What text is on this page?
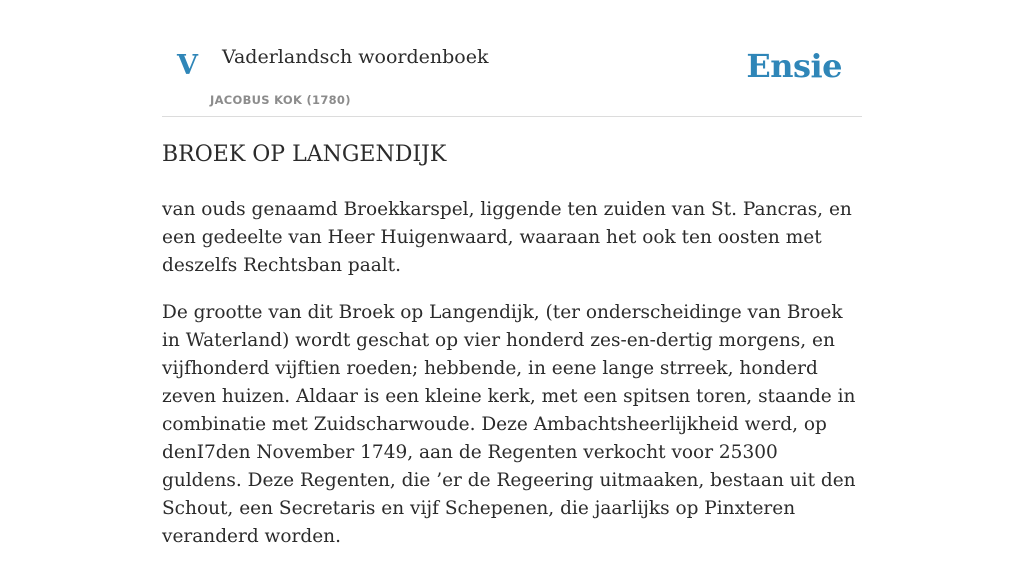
V Vaderlandsch woordenboek
JACOBUS KOK (1780)
Ensie
BROEK OP LANGENDIJK

van ouds genaamd Broekkarspel, liggende ten zuiden van St. Pancras, en een gedeelte van Heer Huigenwaard, waaraan het ook ten oosten met deszelfs Rechtsban paalt.

De grootte van dit Broek op Langendijk, (ter onderscheidinge van Broek in Waterland) wordt geschat op vier honderd zes-en-dertig morgens, en vijfhonderd vijftien roeden; hebbende, in eene lange strreek, honderd zeven huizen. Aldaar is een kleine kerk, met een spitsen toren, staande in combinatie met Zuidscharwoude. Deze Ambachtsheerlijkheid werd, op denI7den November 1749, aan de Regenten verkocht voor 25300 guldens. Deze Regenten, die ’er de Regeering uitmaaken, bestaan uit den Schout, een Secretaris en vijf Schepenen, die jaarlijks op Pinxteren veranderd worden.
